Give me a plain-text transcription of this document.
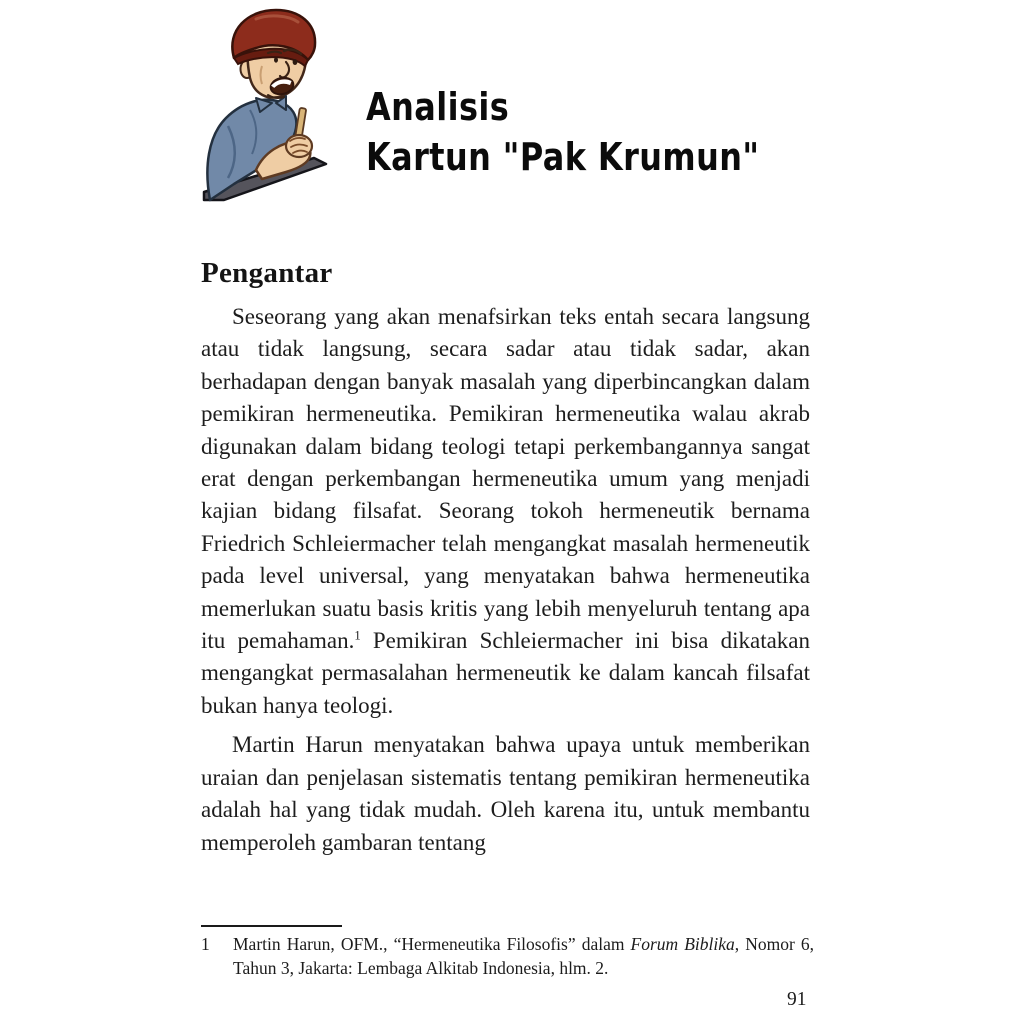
Analisis
Kartun "Pak Krumun"
Pengantar

Seseorang yang akan menafsirkan teks entah secara langsung atau tidak langsung, secara sadar atau tidak sadar, akan berhadapan dengan banyak masalah yang diperbincangkan dalam pemikiran hermeneutika. Pemikiran hermeneutika walau akrab digunakan dalam bidang teologi tetapi perkembangannya sangat erat dengan perkembangan hermeneutika umum yang menjadi kajian bidang filsafat. Seorang tokoh hermeneutik bernama Friedrich Schleiermacher telah mengangkat masalah hermeneutik pada level universal, yang menyatakan bahwa hermeneutika memerlukan suatu basis kritis yang lebih menyeluruh tentang apa itu pemahaman.$^1$ Pemikiran Schleiermacher ini bisa dikatakan mengangkat permasalahan hermeneutik ke dalam kancah filsafat bukan hanya teologi.

Martin Harun menyatakan bahwa upaya untuk memberikan uraian dan penjelasan sistematis tentang pemikiran hermeneutika adalah hal yang tidak mudah. Oleh karena itu, untuk membantu memperoleh gambaran tentang

1	Martin Harun, OFM., “Hermeneutika Filosofis” dalam Forum Biblika, Nomor 6, Tahun 3, Jakarta: Lembaga Alkitab Indonesia, hlm. 2.
91
